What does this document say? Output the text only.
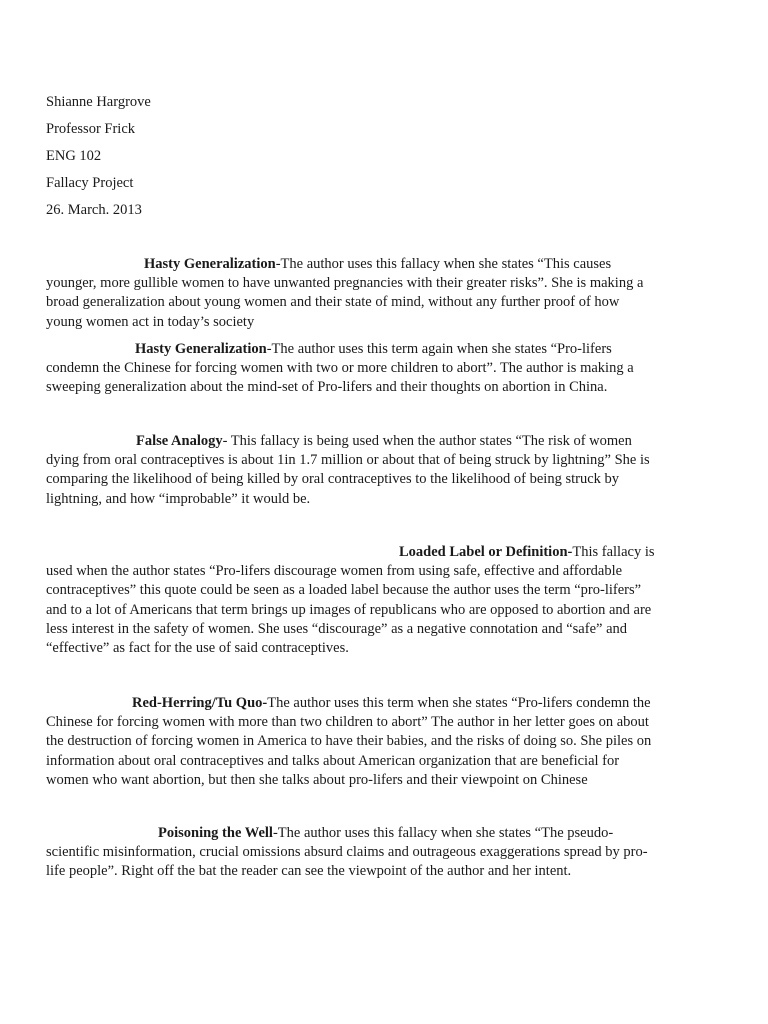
Shianne Hargrove
Professor Frick
ENG 102
Fallacy Project
26. March. 2013
Hasty Generalization-The author uses this fallacy when she states “This causes
younger, more gullible women to have unwanted pregnancies with their greater risks”. She is making a
broad generalization about young women and their state of mind, without any further proof of how
young women act in today’s society
Hasty Generalization-The author uses this term again when she states “Pro-lifers
condemn the Chinese for forcing women with two or more children to abort”. The author is making a
sweeping generalization about the mind-set of Pro-lifers and their thoughts on abortion in China.
False Analogy- This fallacy is being used when the author states “The risk of women
dying from oral contraceptives is about 1in 1.7 million or about that of being struck by lightning” She is
comparing the likelihood of being killed by oral contraceptives to the likelihood of being struck by
lightning, and how “improbable” it would be.
Loaded Label or Definition-This fallacy is
used when the author states “Pro-lifers discourage women from using safe, effective and affordable
contraceptives” this quote could be seen as a loaded label because the author uses the term “pro-lifers”
and to a lot of Americans that term brings up images of republicans who are opposed to abortion and are
less interest in the safety of women. She uses “discourage” as a negative connotation and “safe” and
“effective” as fact for the use of said contraceptives.
Red-Herring/Tu Quo-The author uses this term when she states “Pro-lifers condemn the
Chinese for forcing women with more than two children to abort” The author in her letter goes on about
the destruction of forcing women in America to have their babies, and the risks of doing so. She piles on
information about oral contraceptives and talks about American organization that are beneficial for
women who want abortion, but then she talks about pro-lifers and their viewpoint on Chinese
Poisoning the Well-The author uses this fallacy when she states “The pseudo-
scientific misinformation, crucial omissions absurd claims and outrageous exaggerations spread by pro-
life people”. Right off the bat the reader can see the viewpoint of the author and her intent.
